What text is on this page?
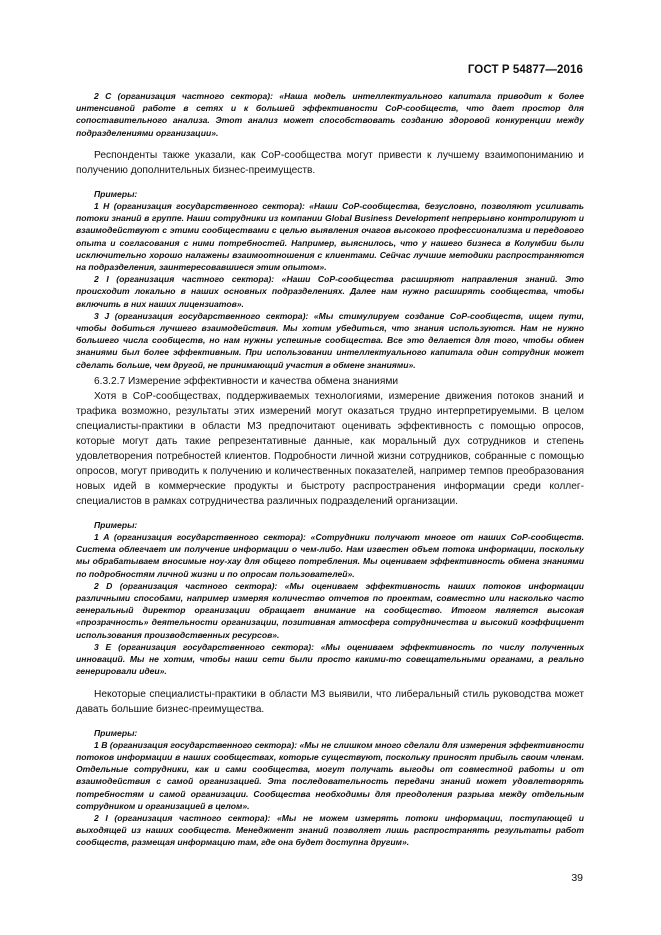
ГОСТ Р 54877—2016

2 C (организация частного сектора): «Наша модель интеллектуального капитала приводит к более интенсивной работе в сетях и к большей эффективности CoP-сообществ, что дает простор для сопоставительного анализа. Этот анализ может способствовать созданию здоровой конкуренции между подразделениями организации».

Респонденты также указали, как CoP-сообщества могут привести к лучшему взаимопониманию и получению дополнительных бизнес-преимуществ.

Примеры:

1 H (организация государственного сектора): «Наши CoP-сообщества, безусловно, позволяют усиливать потоки знаний в группе. Наши сотрудники из компании Global Business Development непрерывно контролируют и взаимодействуют с этими сообществами с целью выявления очагов высокого профессионализма и передового опыта и согласования с ними потребностей. Например, выяснилось, что у нашего бизнеса в Колумбии были исключительно хорошо налажены взаимоотношения с клиентами. Сейчас лучшие методики распространяются на подразделения, заинтересовавшиеся этим опытом».

2 I (организация частного сектора): «Наши CoP-сообщества расширяют направления знаний. Это происходит локально в наших основных подразделениях. Далее нам нужно расширять сообщества, чтобы включить в них наших лицензиатов».

3 J (организация государственного сектора): «Мы стимулируем создание CoP-сообществ, ищем пути, чтобы добиться лучшего взаимодействия. Мы хотим убедиться, что знания используются. Нам не нужно большего числа сообществ, но нам нужны успешные сообщества. Все это делается для того, чтобы обмен знаниями был более эффективным. При использовании интеллектуального капитала один сотрудник может сделать больше, чем другой, не принимающий участия в обмене знаниями».

6.3.2.7 Измерение эффективности и качества обмена знаниями

Хотя в CoP-сообществах, поддерживаемых технологиями, измерение движения потоков знаний и трафика возможно, результаты этих измерений могут оказаться трудно интерпретируемыми. В целом специалисты-практики в области МЗ предпочитают оценивать эффективность с помощью опросов, которые могут дать такие репрезентативные данные, как моральный дух сотрудников и степень удовлетворения потребностей клиентов. Подробности личной жизни сотрудников, собранные с помощью опросов, могут приводить к получению и количественных показателей, например темпов преобразования новых идей в коммерческие продукты и быстроту распространения информации среди коллег-специалистов в рамках сотрудничества различных подразделений организации.

Примеры:

1 A (организация государственного сектора): «Сотрудники получают многое от наших CoP-сообществ. Система облегчает им получение информации о чем-либо. Нам известен объем потока информации, поскольку мы обрабатываем вносимые ноу-хау для общего потребления. Мы оцениваем эффективность обмена знаниями по подробностям личной жизни и по опросам пользователей».

2 D (организация частного сектора): «Мы оцениваем эффективность наших потоков информации различными способами, например измеряя количество отчетов по проектам, совместно или насколько часто генеральный директор организации обращает внимание на сообщество. Итогом является высокая «прозрачность» деятельности организации, позитивная атмосфера сотрудничества и высокий коэффициент использования производственных ресурсов».

3 E (организация государственного сектора): «Мы оцениваем эффективность по числу полученных инноваций. Мы не хотим, чтобы наши сети были просто какими-то совещательными органами, а реально генерировали идеи».

Некоторые специалисты-практики в области МЗ выявили, что либеральный стиль руководства может давать большие бизнес-преимущества.

Примеры:

1 B (организация государственного сектора): «Мы не слишком много сделали для измерения эффективности потоков информации в наших сообществах, которые существуют, поскольку приносят прибыль своим членам. Отдельные сотрудники, как и сами сообщества, могут получать выгоды от совместной работы и от взаимодействия с самой организацией. Эта последовательность передачи знаний может удовлетворять потребностям и самой организации. Сообщества необходимы для преодоления разрыва между отдельным сотрудником и организацией в целом».

2 I (организация частного сектора): «Мы не можем измерять потоки информации, поступающей и выходящей из наших сообществ. Менеджмент знаний позволяет лишь распространять результаты работ сообществ, размещая информацию там, где она будет доступна другим».

39
